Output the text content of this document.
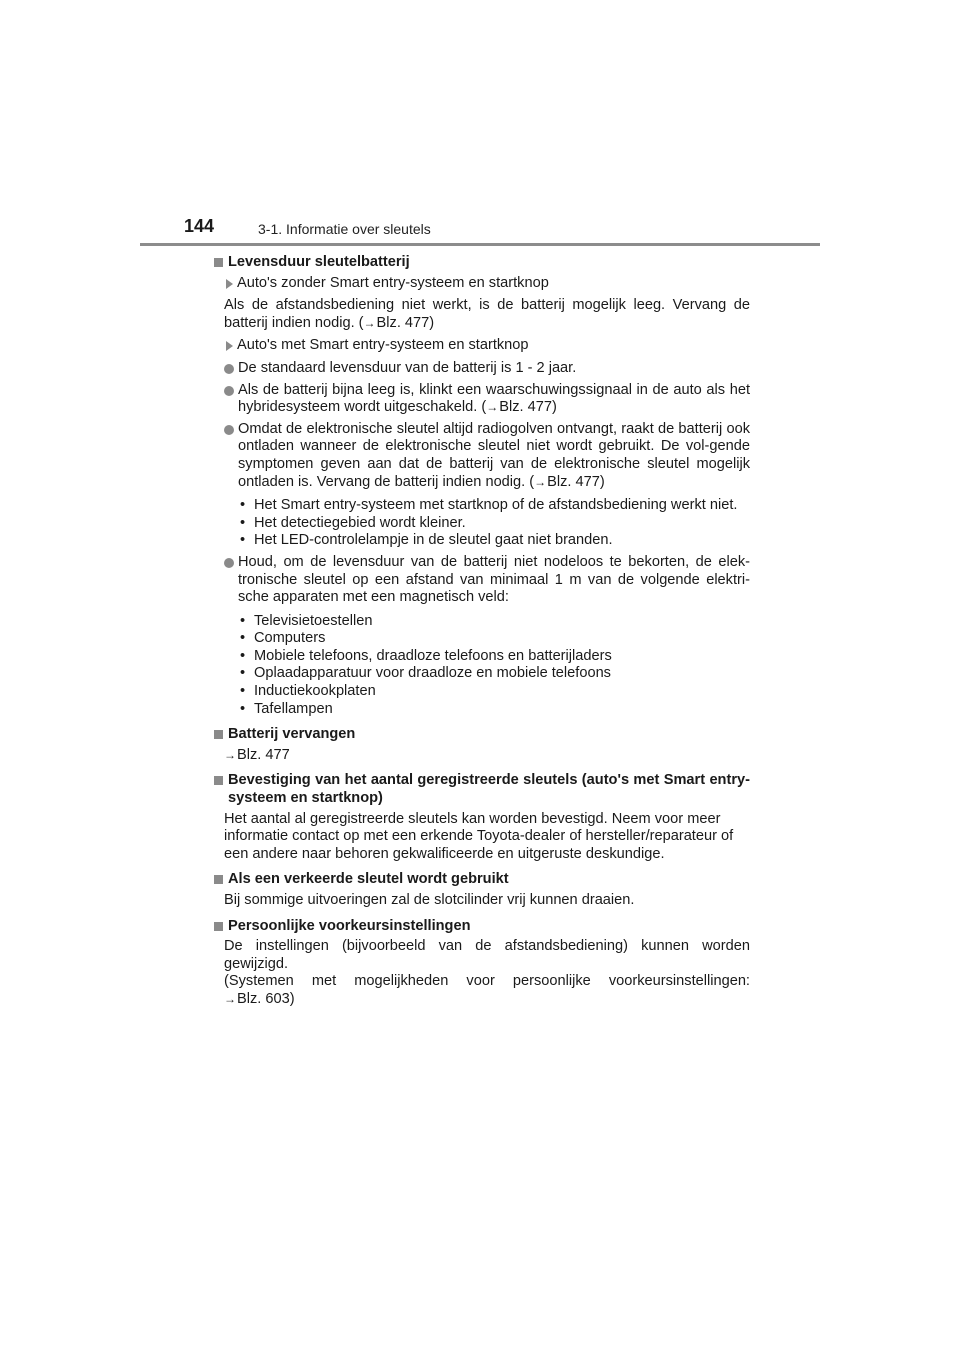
144	3-1. Informatie over sleutels
Levensduur sleutelbatterij
Auto's zonder Smart entry-systeem en startknop
Als de afstandsbediening niet werkt, is de batterij mogelijk leeg. Vervang de batterij indien nodig. (→Blz. 477)
Auto's met Smart entry-systeem en startknop
De standaard levensduur van de batterij is 1 - 2 jaar.
Als de batterij bijna leeg is, klinkt een waarschuwingssignaal in de auto als het hybridesysteem wordt uitgeschakeld. (→Blz. 477)
Omdat de elektronische sleutel altijd radiogolven ontvangt, raakt de batterij ook ontladen wanneer de elektronische sleutel niet wordt gebruikt. De vol-gende symptomen geven aan dat de batterij van de elektronische sleutel mogelijk ontladen is. Vervang de batterij indien nodig. (→Blz. 477)
• Het Smart entry-systeem met startknop of de afstandsbediening werkt niet.
• Het detectiegebied wordt kleiner.
• Het LED-controlelampje in de sleutel gaat niet branden.
Houd, om de levensduur van de batterij niet nodeloos te bekorten, de elek-tronische sleutel op een afstand van minimaal 1 m van de volgende elektri-sche apparaten met een magnetisch veld:
• Televisietoestellen
• Computers
• Mobiele telefoons, draadloze telefoons en batterijladers
• Oplaadapparatuur voor draadloze en mobiele telefoons
• Inductiekookplaten
• Tafellampen
Batterij vervangen
→Blz. 477
Bevestiging van het aantal geregistreerde sleutels (auto's met Smart entry-systeem en startknop)
Het aantal al geregistreerde sleutels kan worden bevestigd. Neem voor meer informatie contact op met een erkende Toyota-dealer of hersteller/reparateur of een andere naar behoren gekwalificeerde en uitgeruste deskundige.
Als een verkeerde sleutel wordt gebruikt
Bij sommige uitvoeringen zal de slotcilinder vrij kunnen draaien.
Persoonlijke voorkeursinstellingen
De instellingen (bijvoorbeeld van de afstandsbediening) kunnen worden gewijzigd.
(Systemen met mogelijkheden voor persoonlijke voorkeursinstellingen:
→Blz. 603)
